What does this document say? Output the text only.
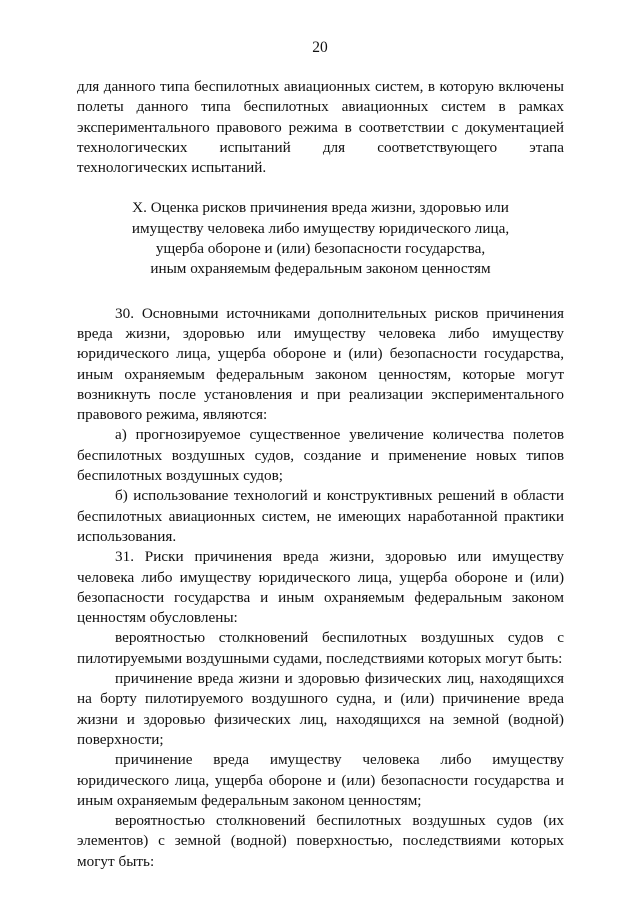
20

для данного типа беспилотных авиационных систем, в которую включены полеты данного типа беспилотных авиационных систем в рамках экспериментального правового режима в соответствии с документацией технологических испытаний для соответствующего этапа технологических испытаний.

X. Оценка рисков причинения вреда жизни, здоровью или
имуществу человека либо имуществу юридического лица,
ущерба обороне и (или) безопасности государства,
иным охраняемым федеральным законом ценностям

30. Основными источниками дополнительных рисков причинения вреда жизни, здоровью или имуществу человека либо имуществу юридического лица, ущерба обороне и (или) безопасности государства, иным охраняемым федеральным законом ценностям, которые могут возникнуть после установления и при реализации экспериментального правового режима, являются:

а) прогнозируемое существенное увеличение количества полетов беспилотных воздушных судов, создание и применение новых типов беспилотных воздушных судов;

б) использование технологий и конструктивных решений в области беспилотных авиационных систем, не имеющих наработанной практики использования.

31. Риски причинения вреда жизни, здоровью или имуществу человека либо имуществу юридического лица, ущерба обороне и (или) безопасности государства и иным охраняемым федеральным законом ценностям обусловлены:

вероятностью столкновений беспилотных воздушных судов с пилотируемыми воздушными судами, последствиями которых могут быть:

причинение вреда жизни и здоровью физических лиц, находящихся на борту пилотируемого воздушного судна, и (или) причинение вреда жизни и здоровью физических лиц, находящихся на земной (водной) поверхности;

причинение вреда имуществу человека либо имуществу юридического лица, ущерба обороне и (или) безопасности государства и иным охраняемым федеральным законом ценностям;

вероятностью столкновений беспилотных воздушных судов (их элементов) с земной (водной) поверхностью, последствиями которых могут быть:
